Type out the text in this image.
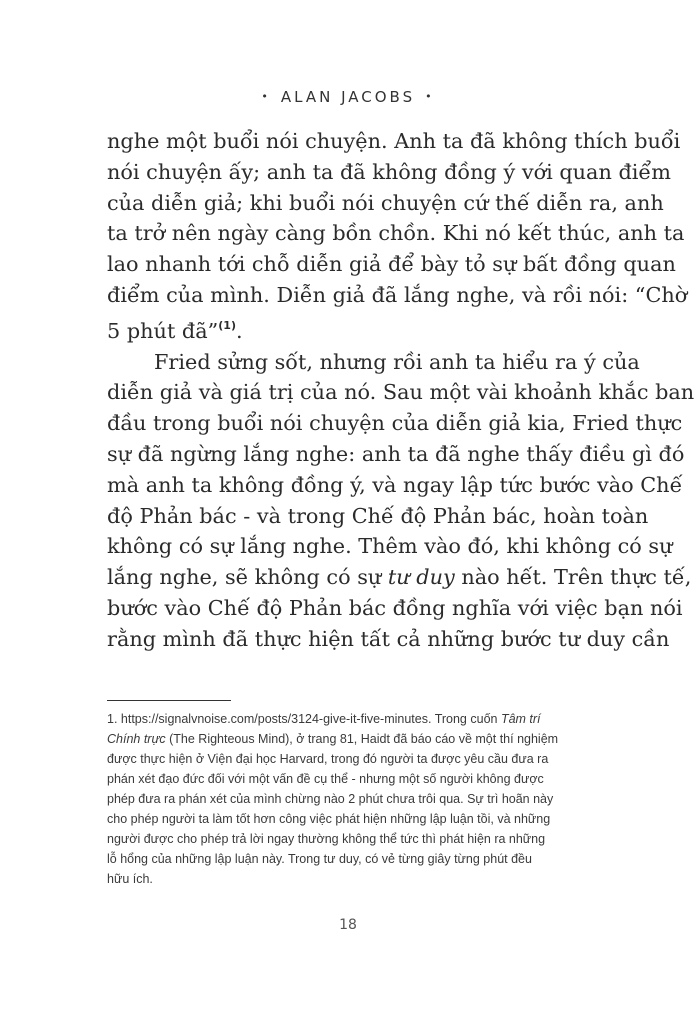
• ALAN JACOBS •
nghe một buổi nói chuyện. Anh ta đã không thích buổi
nói chuyện ấy; anh ta đã không đồng ý với quan điểm
của diễn giả; khi buổi nói chuyện cứ thế diễn ra, anh
ta trở nên ngày càng bồn chồn. Khi nó kết thúc, anh ta
lao nhanh tới chỗ diễn giả để bày tỏ sự bất đồng quan
điểm của mình. Diễn giả đã lắng nghe, và rồi nói: “Chờ
5 phút đã”$^{(1)}$.
Fried sửng sốt, nhưng rồi anh ta hiểu ra ý của
diễn giả và giá trị của nó. Sau một vài khoảnh khắc ban
đầu trong buổi nói chuyện của diễn giả kia, Fried thực
sự đã ngừng lắng nghe: anh ta đã nghe thấy điều gì đó
mà anh ta không đồng ý, và ngay lập tức bước vào Chế
độ Phản bác - và trong Chế độ Phản bác, hoàn toàn
không có sự lắng nghe. Thêm vào đó, khi không có sự
lắng nghe, sẽ không có sự tư duy nào hết. Trên thực tế,
bước vào Chế độ Phản bác đồng nghĩa với việc bạn nói
rằng mình đã thực hiện tất cả những bước tư duy cần
1. https://signalvnoise.com/posts/3124-give-it-five-minutes. Trong cuốn Tâm trí
Chính trực (The Righteous Mind), ở trang 81, Haidt đã báo cáo về một thí nghiệm
được thực hiện ở Viện đại học Harvard, trong đó người ta được yêu cầu đưa ra
phán xét đạo đức đối với một vấn đề cụ thể - nhưng một số người không được
phép đưa ra phán xét của mình chừng nào 2 phút chưa trôi qua. Sự trì hoãn này
cho phép người ta làm tốt hơn công việc phát hiện những lập luận tồi, và những
người được cho phép trả lời ngay thường không thể tức thì phát hiện ra những
lỗ hổng của những lập luận này. Trong tư duy, có vẻ từng giây từng phút đều
hữu ích.
18
